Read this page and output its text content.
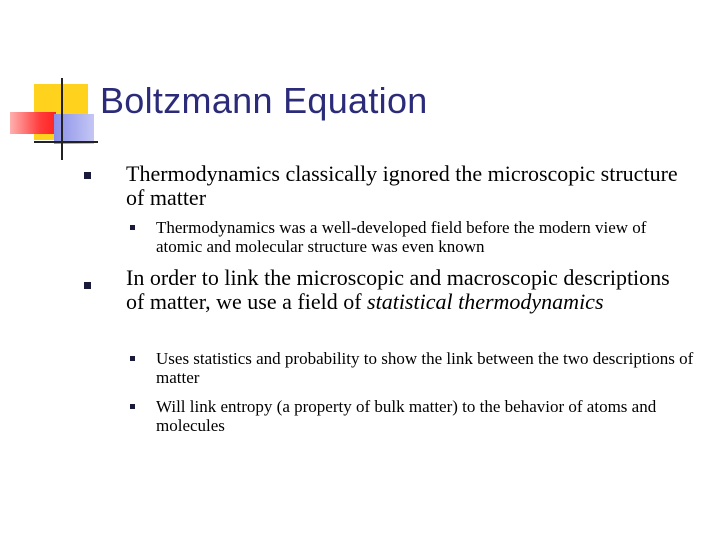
Boltzmann Equation
Thermodynamics classically ignored the microscopic structure of matter
Thermodynamics was a well-developed field before the modern view of atomic and molecular structure was even known
In order to link the microscopic and macroscopic descriptions of matter, we use a field of statistical thermodynamics
Uses statistics and probability to show the link between the two descriptions of matter
Will link entropy (a property of bulk matter) to the behavior of atoms and molecules
